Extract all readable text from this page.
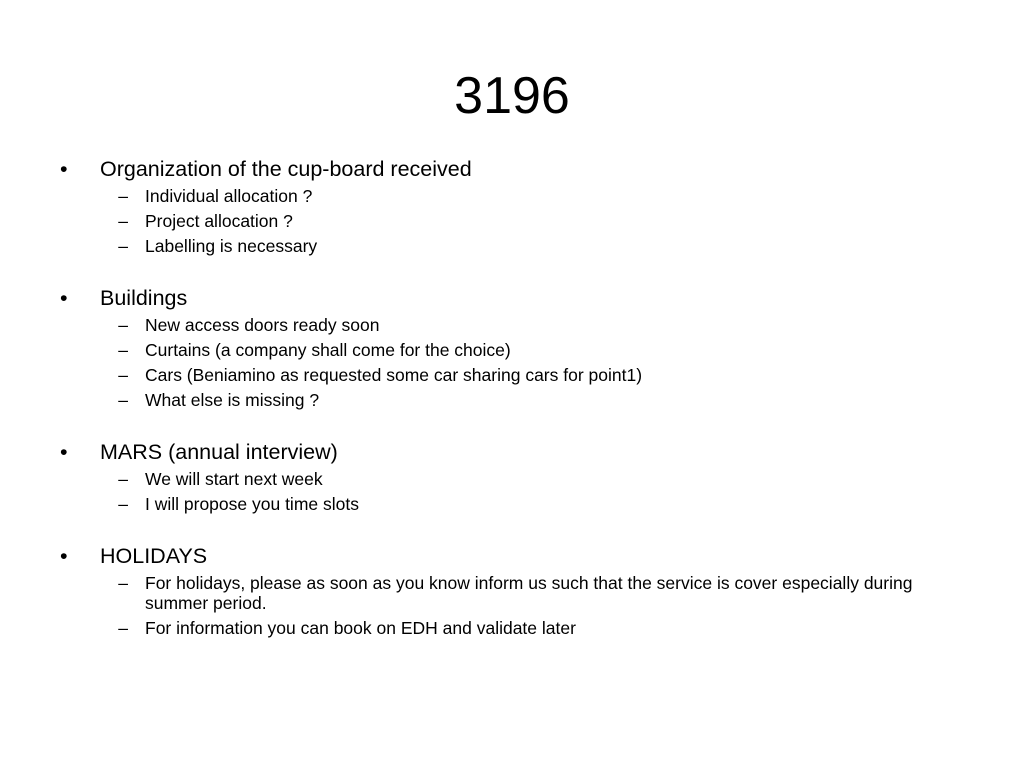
3196
•	Organization of the cup-board received
– Individual allocation ?
– Project allocation ?
– Labelling is necessary
•	Buildings
– New access doors ready soon
– Curtains (a company shall come for the choice)
– Cars (Beniamino as requested some car sharing cars for point1)
– What else is missing ?
•	MARS (annual interview)
– We will start next week
– I will propose you time slots
•	HOLIDAYS
– For holidays, please as soon as you know inform us such that the service is cover especially during summer period.
– For information you can book on EDH and validate later
